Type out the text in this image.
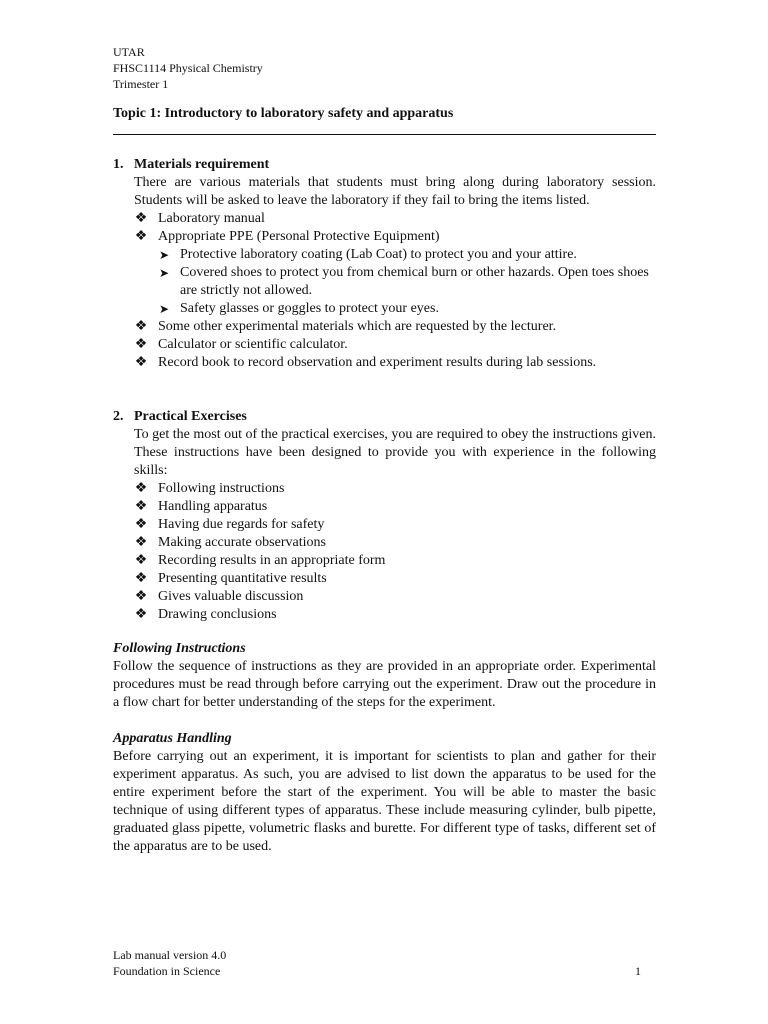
UTAR
FHSC1114 Physical Chemistry
Trimester 1
Topic 1: Introductory to laboratory safety and apparatus
1. Materials requirement
There are various materials that students must bring along during laboratory session. Students will be asked to leave the laboratory if they fail to bring the items listed.
❖ Laboratory manual
❖ Appropriate PPE (Personal Protective Equipment)
➤ Protective laboratory coating (Lab Coat) to protect you and your attire.
➤ Covered shoes to protect you from chemical burn or other hazards. Open toes shoes are strictly not allowed.
➤ Safety glasses or goggles to protect your eyes.
❖ Some other experimental materials which are requested by the lecturer.
❖ Calculator or scientific calculator.
❖ Record book to record observation and experiment results during lab sessions.
2. Practical Exercises
To get the most out of the practical exercises, you are required to obey the instructions given. These instructions have been designed to provide you with experience in the following skills:
❖ Following instructions
❖ Handling apparatus
❖ Having due regards for safety
❖ Making accurate observations
❖ Recording results in an appropriate form
❖ Presenting quantitative results
❖ Gives valuable discussion
❖ Drawing conclusions
Following Instructions
Follow the sequence of instructions as they are provided in an appropriate order. Experimental procedures must be read through before carrying out the experiment. Draw out the procedure in a flow chart for better understanding of the steps for the experiment.
Apparatus Handling
Before carrying out an experiment, it is important for scientists to plan and gather for their experiment apparatus. As such, you are advised to list down the apparatus to be used for the entire experiment before the start of the experiment. You will be able to master the basic technique of using different types of apparatus. These include measuring cylinder, bulb pipette, graduated glass pipette, volumetric flasks and burette. For different type of tasks, different set of the apparatus are to be used.
Lab manual version 4.0
Foundation in Science	1
